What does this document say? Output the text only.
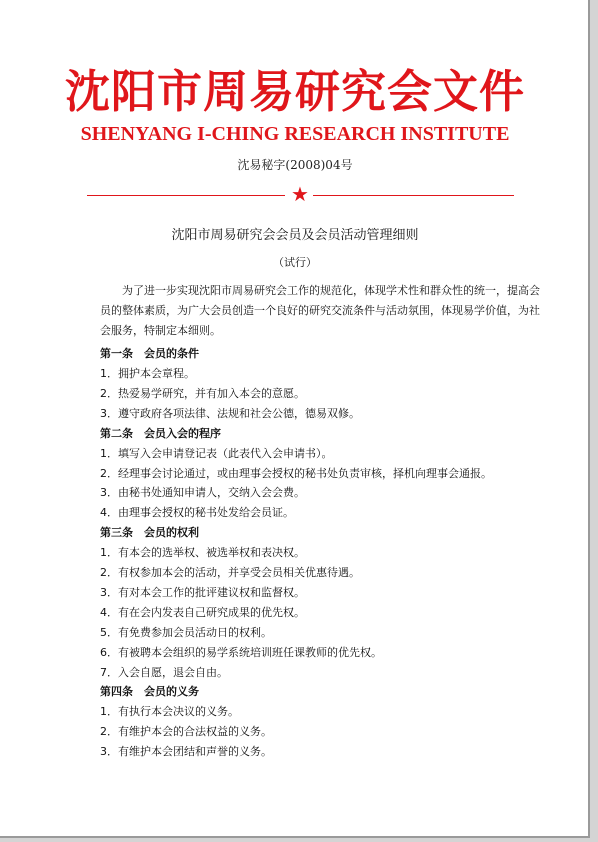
沈阳市周易研究会文件
SHENYANG I-CHING RESEARCH INSTITUTE
沈易秘字(2008)04号
★
沈阳市周易研究会会员及会员活动管理细则
（试行）

为了进一步实现沈阳市周易研究会工作的规范化，体现学术性和群众性的统一，提高会员的整体素质，为广大会员创造一个良好的研究交流条件与活动氛围，体现易学价值，为社会服务，特制定本细则。

第一条　会员的条件
1．拥护本会章程。
2．热爱易学研究，并有加入本会的意愿。
3．遵守政府各项法律、法规和社会公德，德易双修。
第二条　会员入会的程序
1．填写入会申请登记表（此表代入会申请书）。
2．经理事会讨论通过，或由理事会授权的秘书处负责审核，择机向理事会通报。
3．由秘书处通知申请人，交纳入会会费。
4．由理事会授权的秘书处发给会员证。
第三条　会员的权利
1．有本会的选举权、被选举权和表决权。
2．有权参加本会的活动，并享受会员相关优惠待遇。
3．有对本会工作的批评建议权和监督权。
4．有在会内发表自己研究成果的优先权。
5．有免费参加会员活动日的权利。
6．有被聘本会组织的易学系统培训班任课教师的优先权。
7．入会自愿，退会自由。
第四条　会员的义务
1．有执行本会决议的义务。
2．有维护本会的合法权益的义务。
3．有维护本会团结和声誉的义务。
